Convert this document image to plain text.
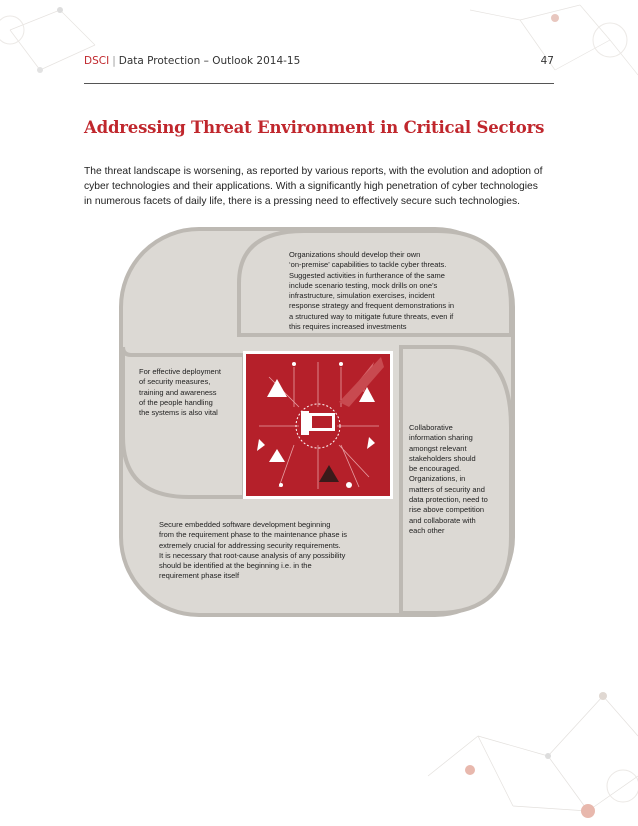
DSCI | Data Protection – Outlook 2014-15	47
Addressing Threat Environment in Critical Sectors
The threat landscape is worsening, as reported by various reports, with the evolution and adoption of
cyber technologies and their applications. With a significantly high penetration of cyber technologies
in numerous facets of daily life, there is a pressing need to effectively secure such technologies.
Organizations should develop their own
‘on-premise’ capabilities to tackle cyber threats.
Suggested activities in furtherance of the same
include scenario testing, mock drills on one’s
infrastructure, simulation exercises, incident
response strategy and frequent demonstrations in
a structured way to mitigate future threats, even if
this requires increased investments
For effective deployment
of security measures,
training and awareness
of the people handling
the systems is also vital
Collaborative
information sharing
amongst relevant
stakeholders should
be encouraged.
Organizations, in
matters of security and
data protection, need to
rise above competition
and collaborate with
each other
Secure embedded software development beginning
from the requirement phase to the maintenance phase is
extremely crucial for addressing security requirements.
It is necessary that root-cause analysis of any possibility
should be identified at the beginning i.e. in the
requirement phase itself
